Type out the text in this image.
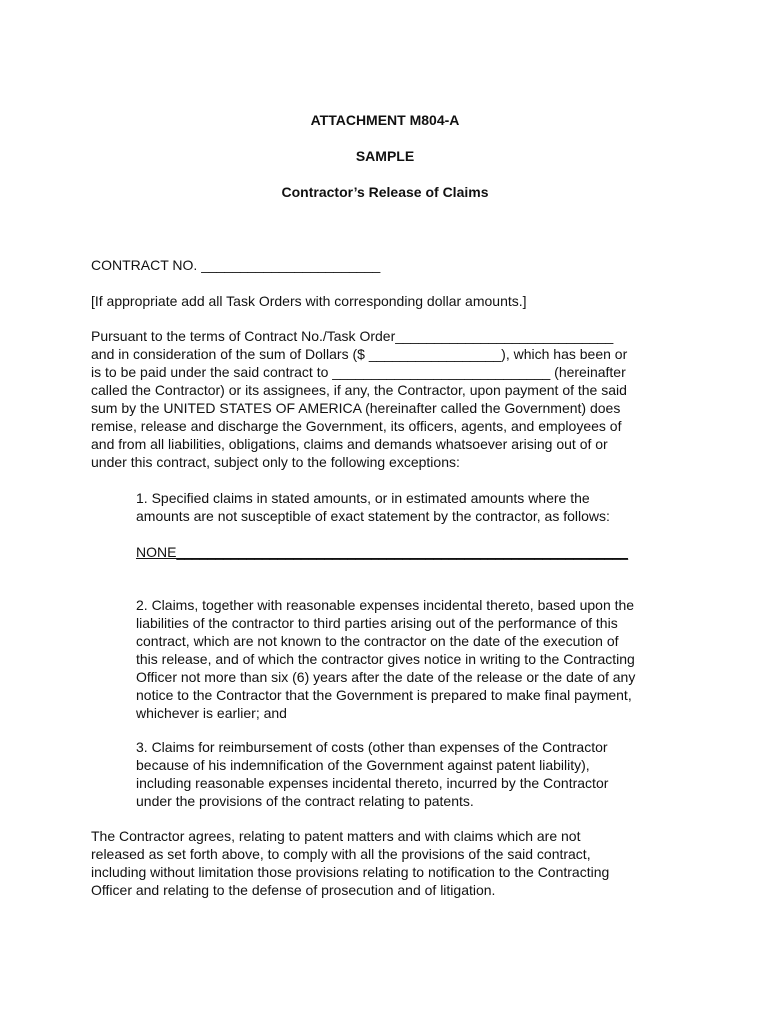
ATTACHMENT M804-A

SAMPLE

Contractor’s Release of Claims

CONTRACT NO. _______________________

[If appropriate add all Task Orders with corresponding dollar amounts.]

Pursuant to the terms of Contract No./Task Order____________________________
and in consideration of the sum of Dollars ($ _________________), which has been or
is to be paid under the said contract to ____________________________ (hereinafter
called the Contractor) or its assignees, if any, the Contractor, upon payment of the said
sum by the UNITED STATES OF AMERICA (hereinafter called the Government) does
remise, release and discharge the Government, its officers, agents, and employees of
and from all liabilities, obligations, claims and demands whatsoever arising out of or
under this contract, subject only to the following exceptions:

1. Specified claims in stated amounts, or in estimated amounts where the
amounts are not susceptible of exact statement by the contractor, as follows:

NONE__________________________________________________________

2. Claims, together with reasonable expenses incidental thereto, based upon the
liabilities of the contractor to third parties arising out of the performance of this
contract, which are not known to the contractor on the date of the execution of
this release, and of which the contractor gives notice in writing to the Contracting
Officer not more than six (6) years after the date of the release or the date of any
notice to the Contractor that the Government is prepared to make final payment,
whichever is earlier; and

3. Claims for reimbursement of costs (other than expenses of the Contractor
because of his indemnification of the Government against patent liability),
including reasonable expenses incidental thereto, incurred by the Contractor
under the provisions of the contract relating to patents.

The Contractor agrees, relating to patent matters and with claims which are not
released as set forth above, to comply with all the provisions of the said contract,
including without limitation those provisions relating to notification to the Contracting
Officer and relating to the defense of prosecution and of litigation.
